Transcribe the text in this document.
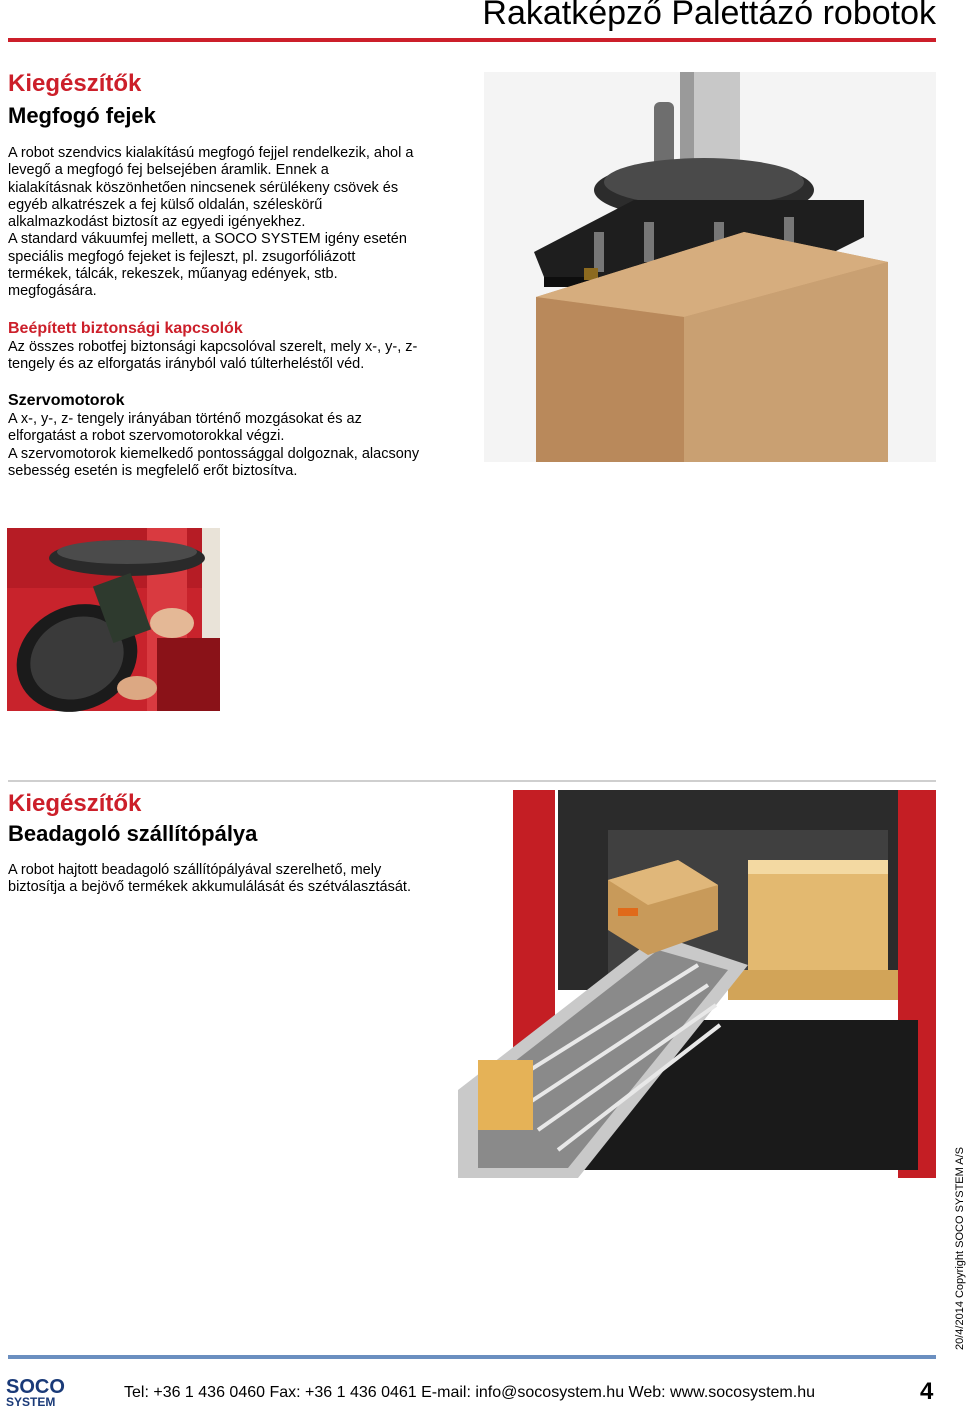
Rakatképző Palettázó robotok
Kiegészítők
Megfogó fejek

A robot szendvics kialakítású megfogó fejjel rendelkezik, ahol a

levegő a megfogó fej belsejében áramlik. Ennek a

kialakításnak köszönhetően nincsenek sérülékeny csövek és

egyéb alkatrészek a fej külső oldalán, széleskörű

alkalmazkodást biztosít az egyedi igényekhez.

A standard vákuumfej mellett, a SOCO SYSTEM igény esetén

speciális megfogó fejeket is fejleszt, pl. zsugorfóliázott

termékek, tálcák, rekeszek, műanyag edények, stb.

megfogására.

Beépített biztonsági kapcsolók

Az összes robotfej biztonsági kapcsolóval szerelt, mely x-, y-, z-

tengely és az elforgatás irányból való túlterheléstől véd.

Szervomotorok

A x-, y-, z- tengely irányában történő mozgásokat és az

elforgatást a robot szervomotorokkal végzi.

A szervomotorok kiemelkedő pontossággal dolgoznak, alacsony

sebesség esetén is megfelelő erőt biztosítva.

Kiegészítők
Beadagoló szállítópálya

A robot hajtott beadagoló szállítópályával szerelhető, mely

biztosítja a bejövő termékek akkumulálását és szétválasztását.

20/4/2014 Copyright SOCO SYSTEM A/S
SOCO
SYSTEM
Tel: +36 1 436 0460 Fax: +36 1 436 0461 E-mail: info@socosystem.hu Web: www.socosystem.hu	4
